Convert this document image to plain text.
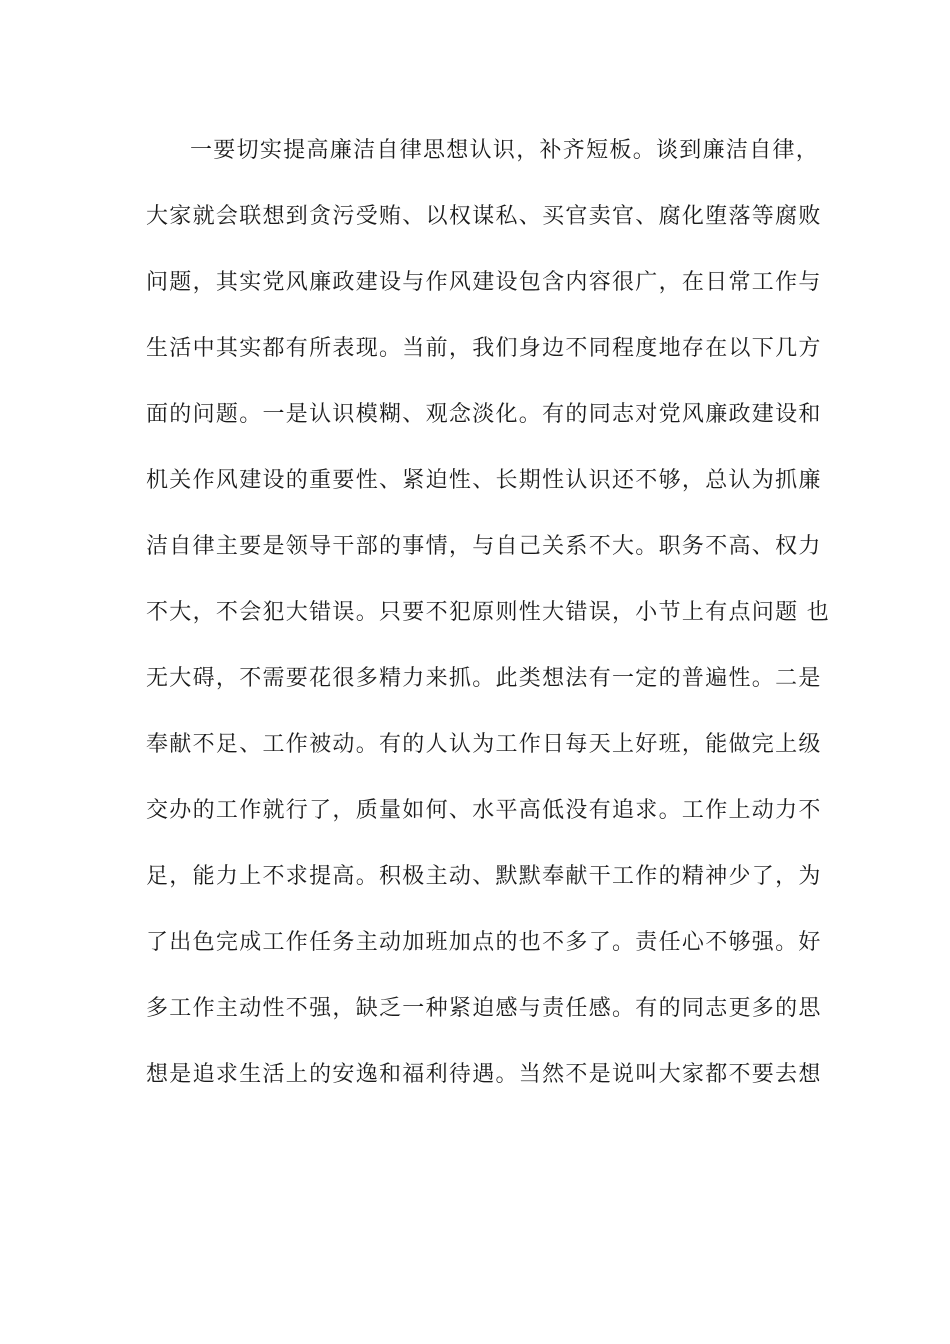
一要切实提高廉洁自律思想认识，补齐短板。谈到廉洁自律，
大家就会联想到贪污受贿、以权谋私、买官卖官、腐化堕落等腐败
问题，其实党风廉政建设与作风建设包含内容很广，在日常工作与
生活中其实都有所表现。当前，我们身边不同程度地存在以下几方
面的问题。一是认识模糊、观念淡化。有的同志对党风廉政建设和
机关作风建设的重要性、紧迫性、长期性认识还不够，总认为抓廉
洁自律主要是领导干部的事情，与自己关系不大。职务不高、权力
不大，不会犯大错误。只要不犯原则性大错误，小节上有点问题 也
无大碍，不需要花很多精力来抓。此类想法有一定的普遍性。二是
奉献不足、工作被动。有的人认为工作日每天上好班，能做完上级
交办的工作就行了，质量如何、水平高低没有追求。工作上动力不
足，能力上不求提高。积极主动、默默奉献干工作的精神少了，为
了出色完成工作任务主动加班加点的也不多了。责任心不够强。好
多工作主动性不强，缺乏一种紧迫感与责任感。有的同志更多的思
想是追求生活上的安逸和福利待遇。当然不是说叫大家都不要去想
